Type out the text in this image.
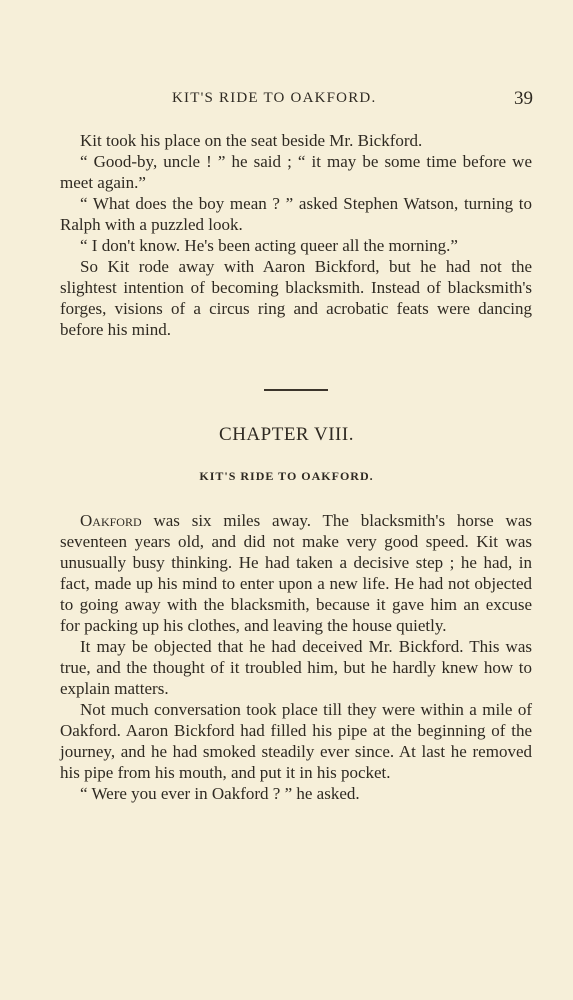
KIT'S RIDE TO OAKFORD.	39

Kit took his place on the seat beside Mr. Bickford.

“ Good-by, uncle ! ” he said ; “ it may be some time before we meet again.”

“ What does the boy mean ? ” asked Stephen Watson, turning to Ralph with a puzzled look.

“ I don't know. He's been acting queer all the morning.”

So Kit rode away with Aaron Bickford, but he had not the slightest intention of becoming blacksmith. Instead of blacksmith's forges, visions of a circus ring and acrobatic feats were dancing before his mind.

CHAPTER VIII.
KIT'S RIDE TO OAKFORD.

Oakford was six miles away. The blacksmith's horse was seventeen years old, and did not make very good speed. Kit was unusually busy thinking. He had taken a decisive step ; he had, in fact, made up his mind to enter upon a new life. He had not objected to going away with the blacksmith, because it gave him an excuse for packing up his clothes, and leaving the house quietly.

It may be objected that he had deceived Mr. Bickford. This was true, and the thought of it troubled him, but he hardly knew how to explain matters.

Not much conversation took place till they were within a mile of Oakford. Aaron Bickford had filled his pipe at the beginning of the journey, and he had smoked steadily ever since. At last he removed his pipe from his mouth, and put it in his pocket.

“ Were you ever in Oakford ? ” he asked.
